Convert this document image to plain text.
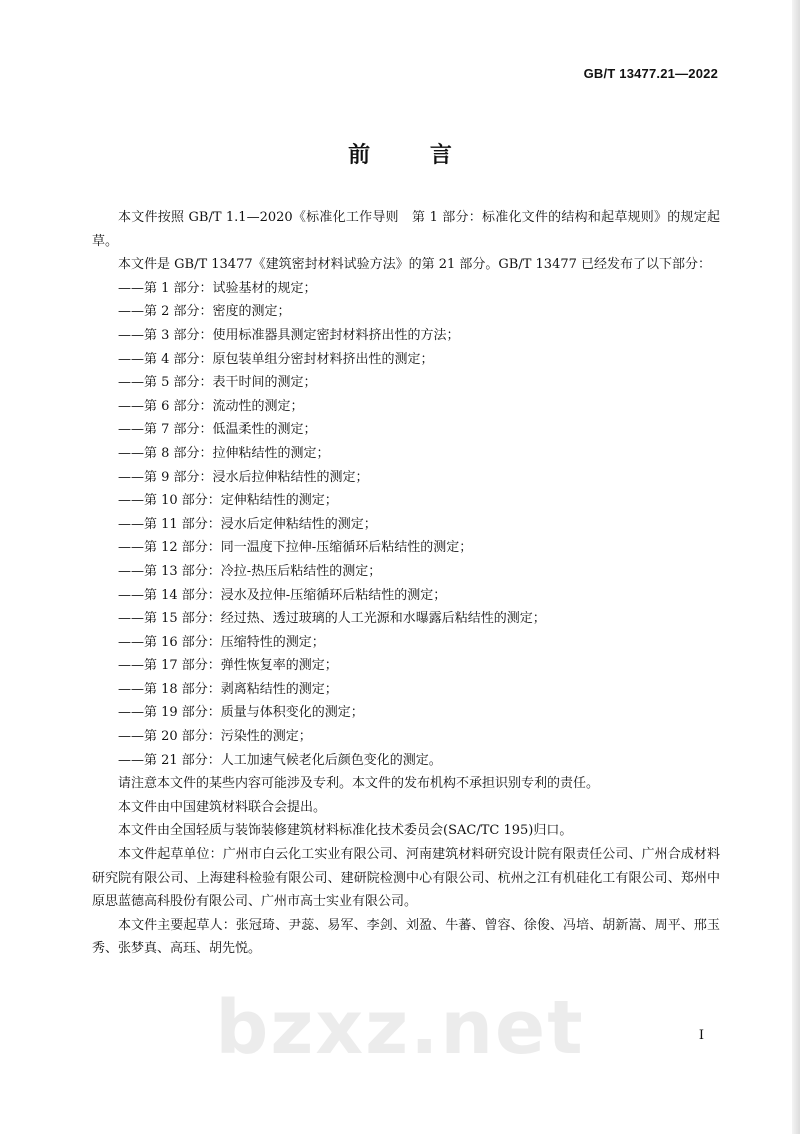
GB/T 13477.21—2022
前 言

本文件按照 GB/T 1.1—2020《标准化工作导则　第 1 部分：标准化文件的结构和起草规则》的规定起草。

本文件是 GB/T 13477《建筑密封材料试验方法》的第 21 部分。GB/T 13477 已经发布了以下部分：

——第 1 部分：试验基材的规定；

——第 2 部分：密度的测定；

——第 3 部分：使用标准器具测定密封材料挤出性的方法；

——第 4 部分：原包装单组分密封材料挤出性的测定；

——第 5 部分：表干时间的测定；

——第 6 部分：流动性的测定；

——第 7 部分：低温柔性的测定；

——第 8 部分：拉伸粘结性的测定；

——第 9 部分：浸水后拉伸粘结性的测定；

——第 10 部分：定伸粘结性的测定；

——第 11 部分：浸水后定伸粘结性的测定；

——第 12 部分：同一温度下拉伸-压缩循环后粘结性的测定；

——第 13 部分：冷拉-热压后粘结性的测定；

——第 14 部分：浸水及拉伸-压缩循环后粘结性的测定；

——第 15 部分：经过热、透过玻璃的人工光源和水曝露后粘结性的测定；

——第 16 部分：压缩特性的测定；

——第 17 部分：弹性恢复率的测定；

——第 18 部分：剥离粘结性的测定；

——第 19 部分：质量与体积变化的测定；

——第 20 部分：污染性的测定；

——第 21 部分：人工加速气候老化后颜色变化的测定。

请注意本文件的某些内容可能涉及专利。本文件的发布机构不承担识别专利的责任。

本文件由中国建筑材料联合会提出。

本文件由全国轻质与装饰装修建筑材料标准化技术委员会(SAC/TC 195)归口。

本文件起草单位：广州市白云化工实业有限公司、河南建筑材料研究设计院有限责任公司、广州合成材料研究院有限公司、上海建科检验有限公司、建研院检测中心有限公司、杭州之江有机硅化工有限公司、郑州中原思蓝德高科股份有限公司、广州市高士实业有限公司。

本文件主要起草人：张冠琦、尹蕊、易军、李剑、刘盈、牛蕃、曾容、徐俊、冯培、胡新嵩、周平、邢玉秀、张梦真、高珏、胡先悦。

bzxz.net	I
